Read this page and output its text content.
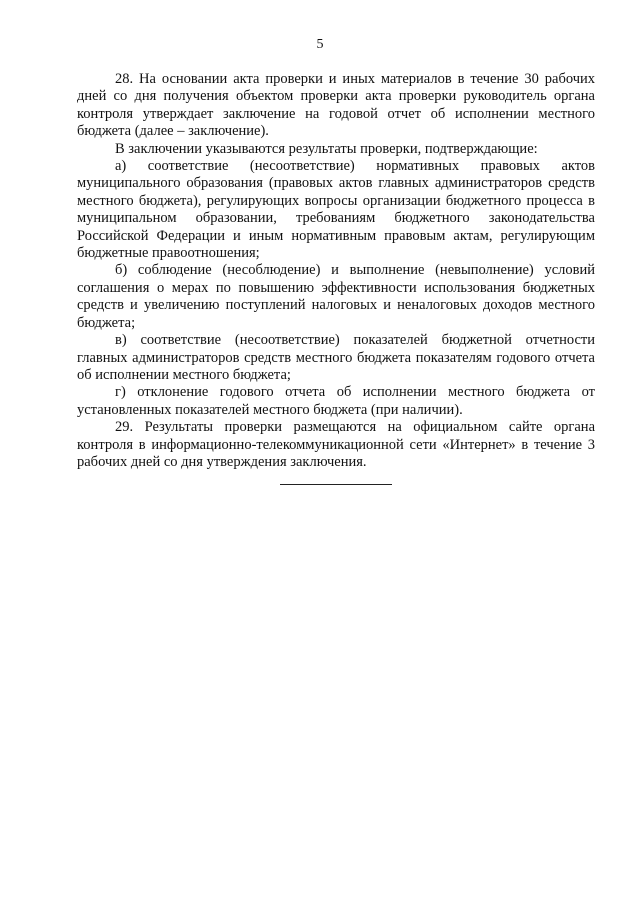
5

28. На основании акта проверки и иных материалов в течение 30 рабочих дней со дня получения объектом проверки акта проверки руководитель органа контроля утверждает заключение на годовой отчет об исполнении местного бюджета (далее – заключение).

В заключении указываются результаты проверки, подтверждающие:

а) соответствие (несоответствие) нормативных правовых актов муниципального образования (правовых актов главных администраторов средств местного бюджета), регулирующих вопросы организации бюджетного процесса в муниципальном образовании, требованиям бюджетного законодательства Российской Федерации и иным нормативным правовым актам, регулирующим бюджетные правоотношения;

б) соблюдение (несоблюдение) и выполнение (невыполнение) условий соглашения о мерах по повышению эффективности использования бюджетных средств и увеличению поступлений налоговых и неналоговых доходов местного бюджета;

в) соответствие (несоответствие) показателей бюджетной отчетности главных администраторов средств местного бюджета показателям годового отчета об исполнении местного бюджета;

г) отклонение годового отчета об исполнении местного бюджета от установленных показателей местного бюджета (при наличии).

29. Результаты проверки размещаются на официальном сайте органа контроля в информационно-телекоммуникационной сети «Интернет» в течение 3 рабочих дней со дня утверждения заключения.
